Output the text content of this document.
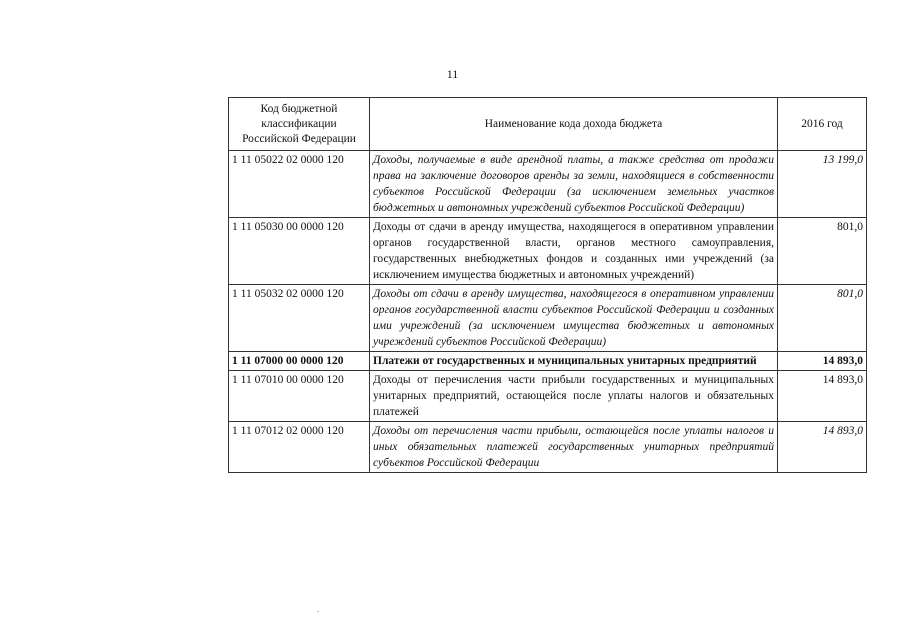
11
Код бюджетной классификации Российской Федерации	Наименование кода дохода бюджета	2016 год
1 11 05022 02 0000 120	Доходы, получаемые в виде арендной платы, а также средства от продажи права на заключение договоров аренды за земли, находящиеся в собственности субъектов Российской Федерации (за исключением земельных участков бюджетных и автономных учреждений субъектов Российской Федерации)	13 199,0
1 11 05030 00 0000 120	Доходы от сдачи в аренду имущества, находящегося в оперативном управлении органов государственной власти, органов местного самоуправления, государственных внебюджетных фондов и созданных ими учреждений (за исключением имущества бюджетных и автономных учреждений)	801,0
1 11 05032 02 0000 120	Доходы от сдачи в аренду имущества, находящегося в оперативном управлении органов государственной власти субъектов Российской Федерации и созданных ими учреждений (за исключением имущества бюджетных и автономных учреждений субъектов Российской Федерации)	801,0
1 11 07000 00 0000 120	Платежи от государственных и муниципальных унитарных предприятий	14 893,0
1 11 07010 00 0000 120	Доходы от перечисления части прибыли государственных и муниципальных унитарных предприятий, остающейся после уплаты налогов и обязательных платежей	14 893,0
1 11 07012 02 0000 120	Доходы от перечисления части прибыли, остающейся после уплаты налогов и иных обязательных платежей государственных унитарных предприятий субъектов Российской Федерации	14 893,0
